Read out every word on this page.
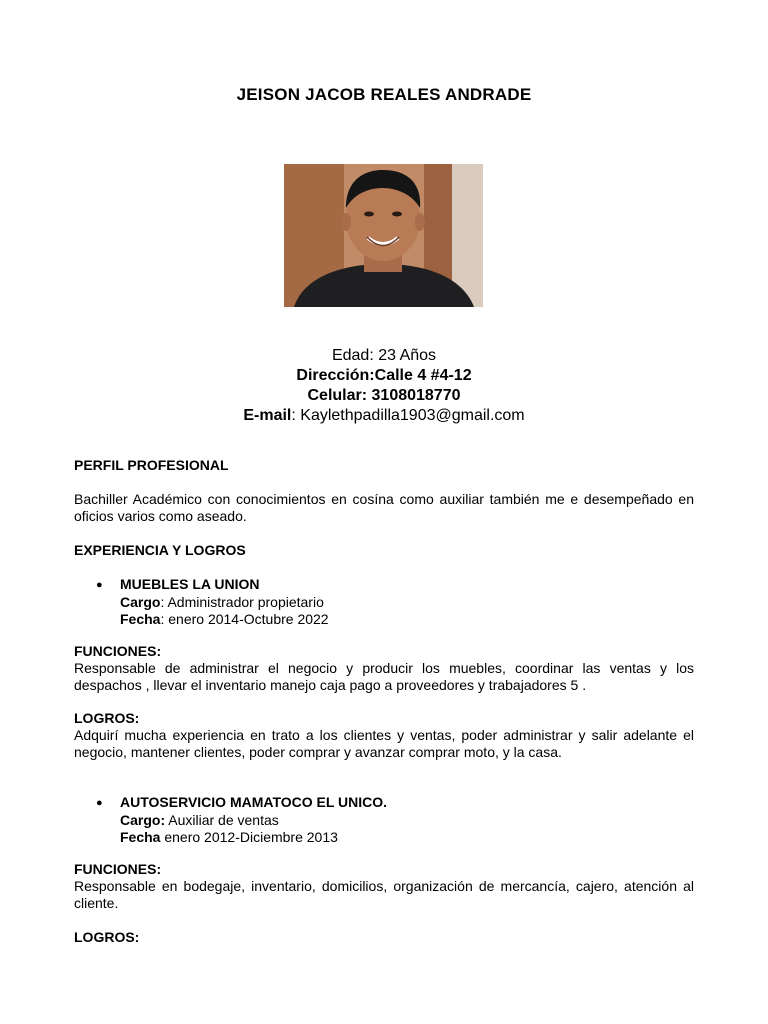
JEISON JACOB REALES ANDRADE
Edad: 23 Años
Dirección:Calle 4 #4-12
Celular: 3108018770
E-mail: Kaylethpadilla1903@gmail.com
PERFIL PROFESIONAL
Bachiller Académico con conocimientos en cosína como auxiliar también me e desempeñado en oficios varios como aseado.
EXPERIENCIA Y LOGROS
● MUEBLES LA UNION
Cargo: Administrador propietario
Fecha: enero 2014-Octubre 2022
FUNCIONES:
Responsable de administrar el negocio y producir los muebles, coordinar las ventas y los despachos , llevar el inventario manejo caja pago a proveedores y trabajadores 5 .
LOGROS:
Adquirí mucha experiencia en trato a los clientes y ventas, poder administrar y salir adelante el negocio, mantener clientes, poder comprar y avanzar comprar moto, y la casa.
● AUTOSERVICIO MAMATOCO EL UNICO.
Cargo: Auxiliar de ventas
Fecha enero 2012-Diciembre 2013
FUNCIONES:
Responsable en bodegaje, inventario, domicilios, organización de mercancía, cajero, atención al cliente.
LOGROS:
